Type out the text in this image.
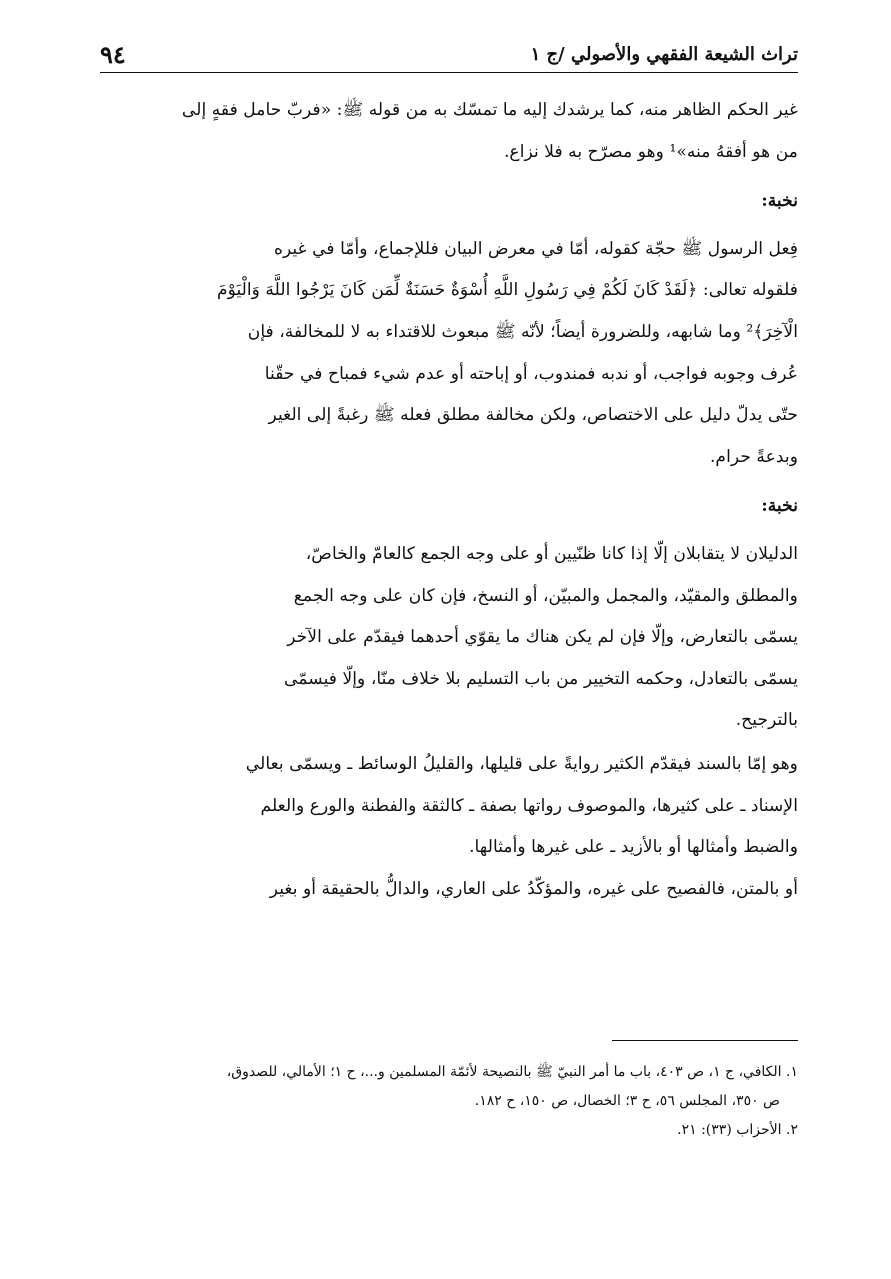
تراث الشيعة الفقهي والأصولي /ج ١
٩٤

غير الحكم الظاهر منه، كما يرشدك إليه ما تمسّك به من قوله ﷺ: «فربّ حامل فقهٍ إلى

من هو أفقهُ منه»¹ وهو مصرّح به فلا نزاع.

نخبة:

فِعل الرسول ﷺ حجّة كقوله، أمّا في معرض البيان فللإجماع، وأمّا في غيره

فلقوله تعالى: ﴿لَقَدْ كَانَ لَكُمْ فِي رَسُولِ اللَّهِ أُسْوَةٌ حَسَنَةٌ لِّمَن كَانَ يَرْجُوا اللَّهَ وَالْيَوْمَ

الْآخِرَ﴾² وما شابهه، وللضرورة أيضاً؛ لأنّه ﷺ مبعوث للاقتداء به لا للمخالفة، فإن

عُرف وجوبه فواجب، أو ندبه فمندوب، أو إباحته أو عدم شيء فمباح في حقّنا

حتّى يدلّ دليل على الاختصاص، ولكن مخالفة مطلق فعله ﷺ رغبةً إلى الغير

وبدعةً حرام.

نخبة:

الدليلان لا يتقابلان إلّا إذا كانا ظنّيين أو على وجه الجمع كالعامّ والخاصّ،

والمطلق والمقيّد، والمجمل والمبيّن، أو النسخ، فإن كان على وجه الجمع

يسمّى بالتعارض، وإلّا فإن لم يكن هناك ما يقوّي أحدهما فيقدّم على الآخر

يسمّى بالتعادل، وحكمه التخيير من باب التسليم بلا خلاف منّا، وإلّا فيسمّى

بالترجيح.

وهو إمّا بالسند فيقدّم الكثير روايةً على قليلها، والقليلُ الوسائط ـ ويسمّى بعالي

الإسناد ـ على كثيرها، والموصوف رواتها بصفة ـ كالثقة والفطنة والورع والعلم

والضبط وأمثالها أو بالأزيد ـ على غيرها وأمثالها.

أو بالمتن، فالفصيح على غيره، والمؤكّدُ على العاري، والدالُّ بالحقيقة أو بغير

١. الكافي، ج ١، ص ٤٠٣، باب ما أمر النبيّ ﷺ بالنصيحة لأئمّة المسلمين و...، ح ١؛ الأمالي، للصدوق،

ص ٣٥٠، المجلس ٥٦، ح ٣؛ الخصال، ص ١٥٠، ح ١٨٢.

٢. الأحزاب (٣٣): ٢١.
